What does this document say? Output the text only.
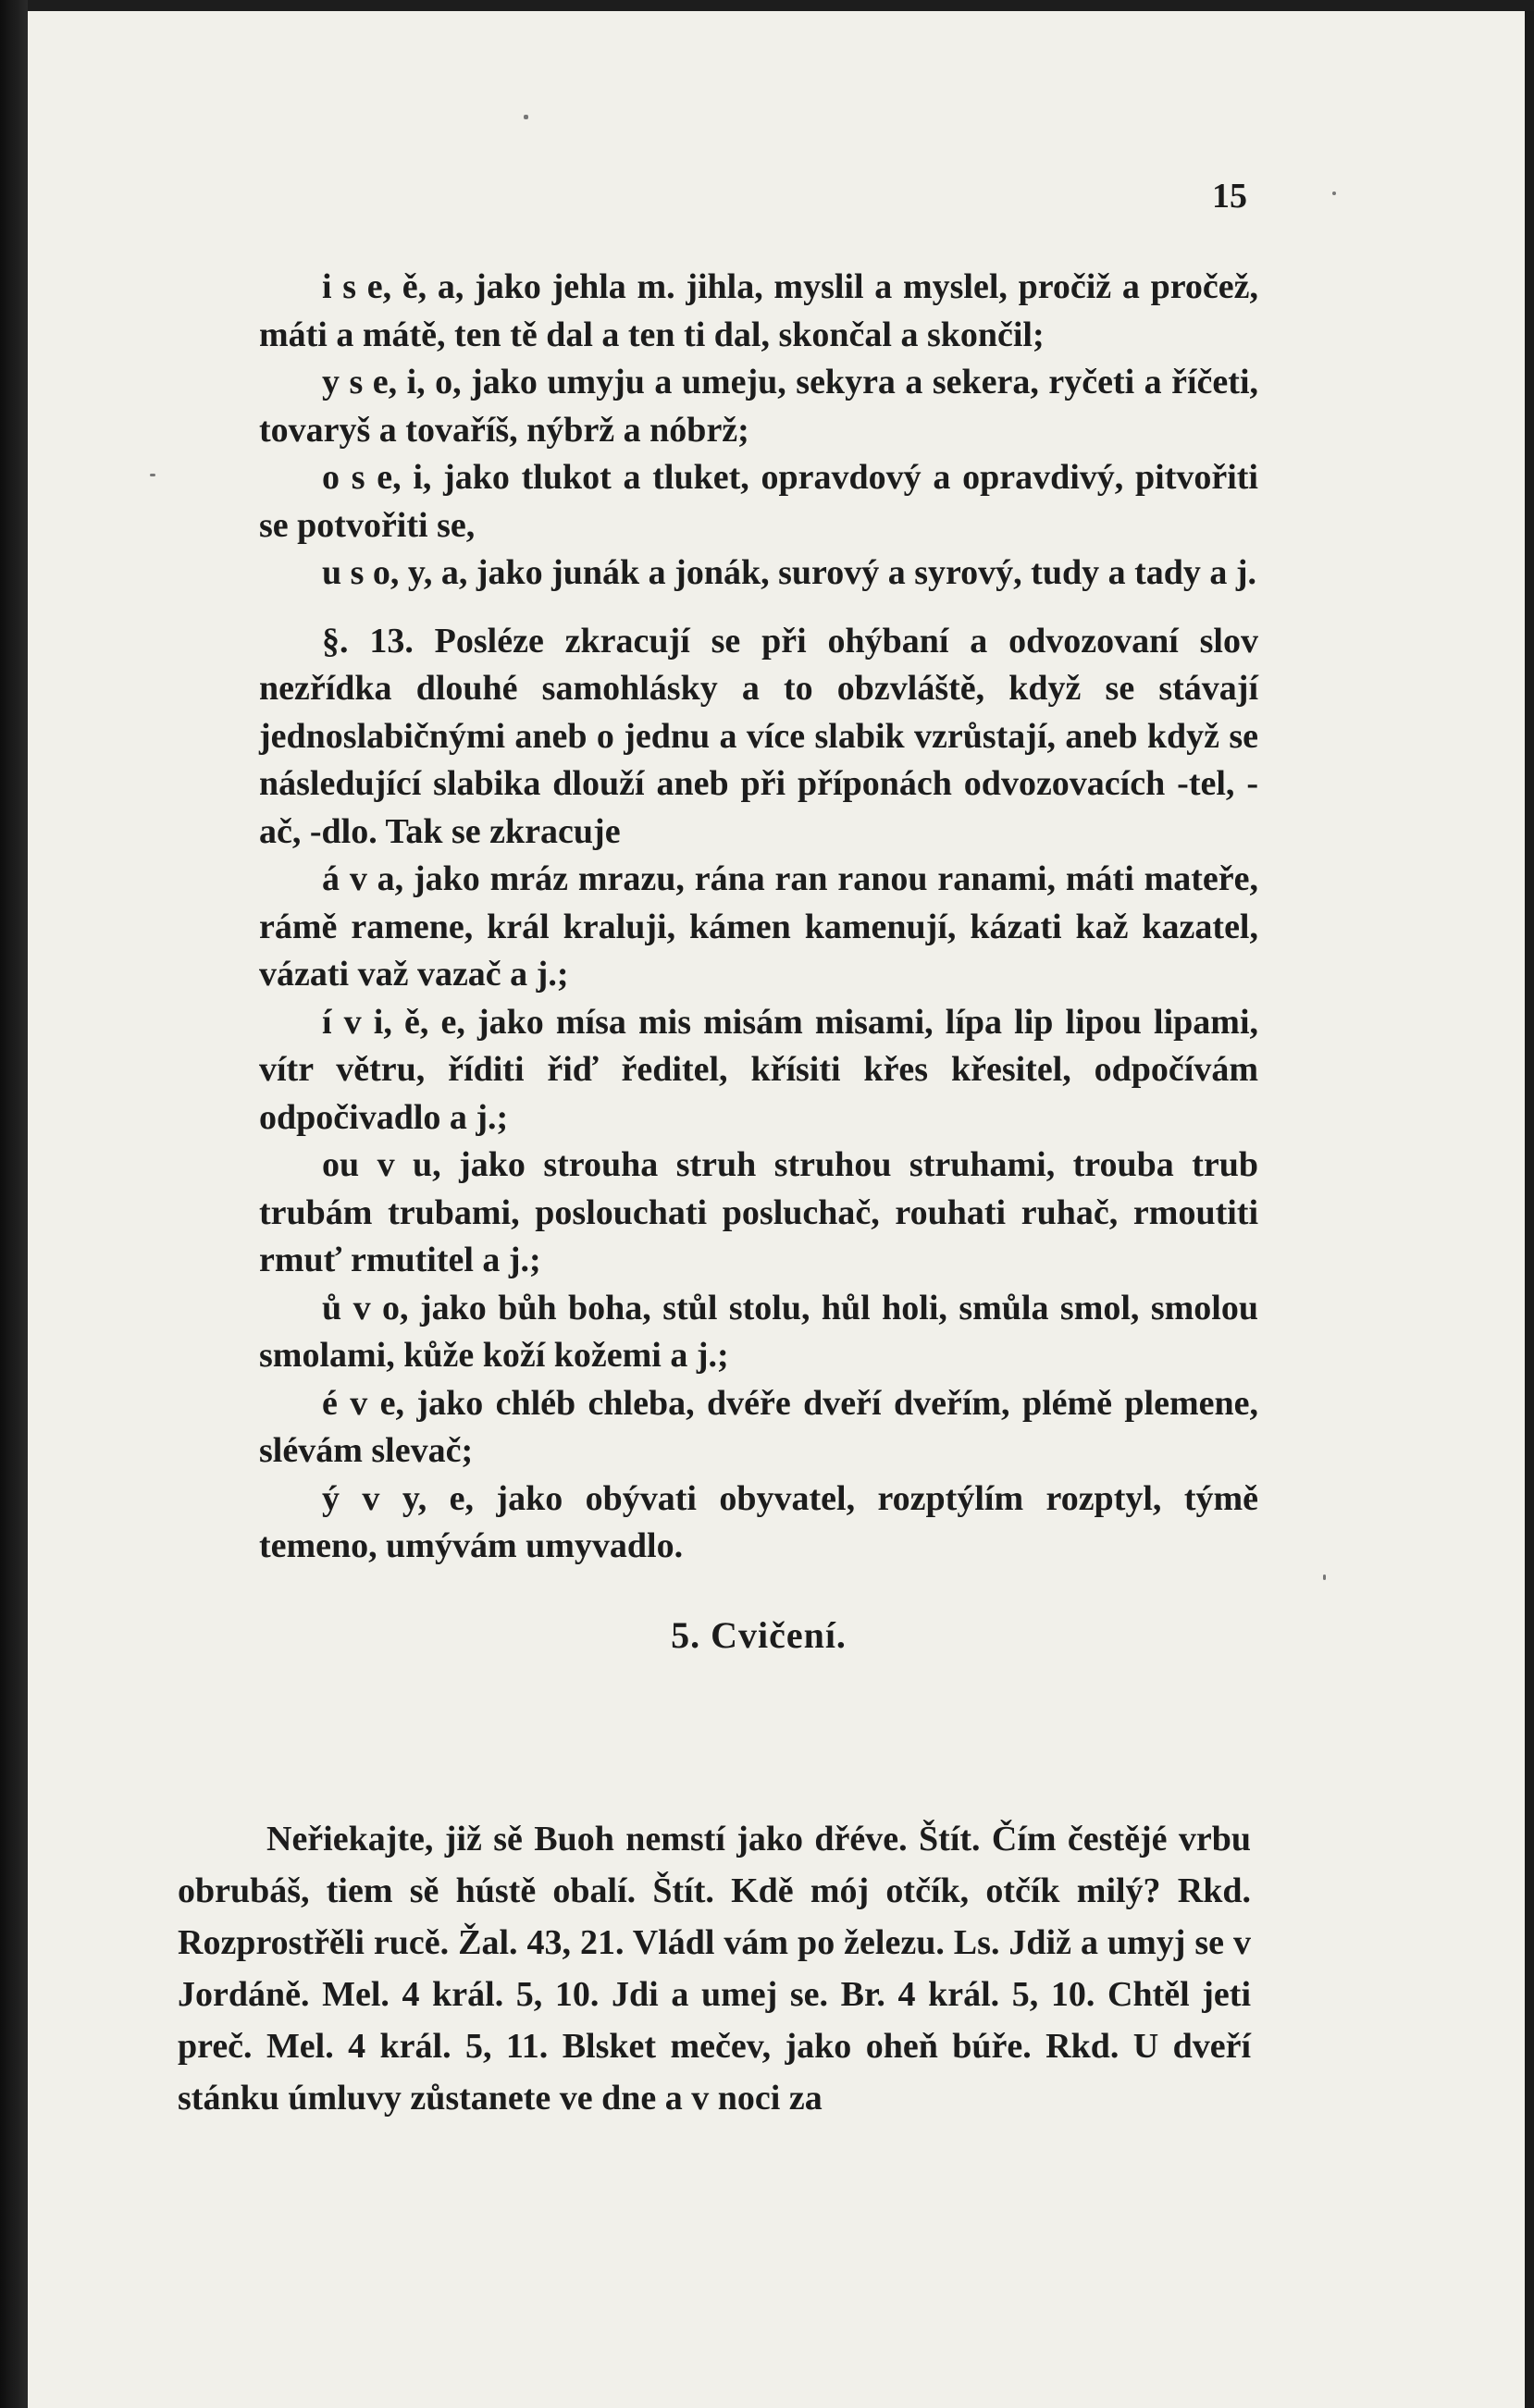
15

i s e, ě, a, jako jehla m. jihla, myslil a myslel, pročiž a pročež, máti a mátě, ten tě dal a ten ti dal, skončal a skončil;

y s e, i, o, jako umyju a umeju, sekyra a sekera, ryčeti a říčeti, tovaryš a tovaříš, nýbrž a nóbrž;

o s e, i, jako tlukot a tluket, opravdový a opravdivý, pitvořiti se potvořiti se,

u s o, y, a, jako junák a jonák, surový a syrový, tudy a tady a j.

§. 13. Posléze zkracují se při ohýbaní a odvozovaní slov nezřídka dlouhé samohlásky a to obzvláště, když se stávají jednoslabičnými aneb o jednu a více slabik vzrůstají, aneb když se následující slabika dlouží aneb při příponách odvozovacích -tel, -ač, -dlo. Tak se zkracuje

á v a, jako mráz mrazu, rána ran ranou ranami, máti mateře, rámě ramene, král kraluji, kámen kamenují, kázati kaž kazatel, vázati važ vazač a j.;

í v i, ě, e, jako mísa mis misám misami, lípa lip lipou lipami, vítr větru, říditi řiď ředitel, křísiti křes křesitel, odpočívám odpočivadlo a j.;

ou v u, jako strouha struh struhou struhami, trouba trub trubám trubami, poslouchati posluchač, rouhati ruhač, rmoutiti rmuť rmutitel a j.;

ů v o, jako bůh boha, stůl stolu, hůl holi, smůla smol, smolou smolami, kůže koží kožemi a j.;

é v e, jako chléb chleba, dvéře dveří dveřím, plémě plemene, slévám slevač;

ý v y, e, jako obývati obyvatel, rozptýlím rozptyl, týmě temeno, umývám umyvadlo.

5. Cvičení.

Neřiekajte, již sě Buoh nemstí jako dřéve. Štít. Čím čestějé vrbu obrubáš, tiem sě hústě obalí. Štít. Kdě mój otčík, otčík milý? Rkd. Rozprostřěli rucě. Žal. 43, 21. Vládl vám po železu. Ls. Jdiž a umyj se v Jordáně. Mel. 4 král. 5, 10. Jdi a umej se. Br. 4 král. 5, 10. Chtěl jeti preč. Mel. 4 král. 5, 11. Blsket mečev, jako oheň búře. Rkd. U dveří stánku úmluvy zůstanete ve dne a v noci za
